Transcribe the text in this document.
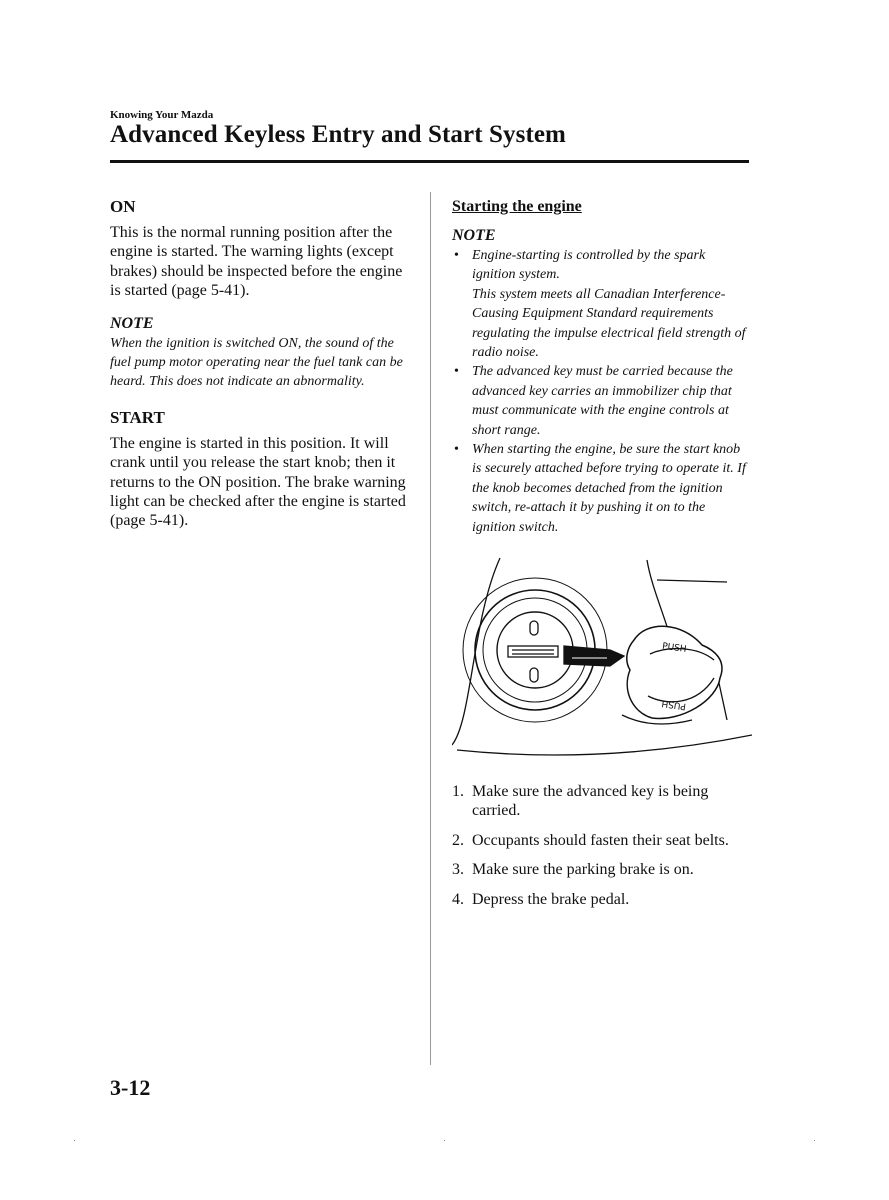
Knowing Your Mazda
Advanced Keyless Entry and Start System
ON

This is the normal running position after the engine is started. The warning lights (except brakes) should be inspected before the engine is started (page 5-41).

NOTE

When the ignition is switched ON, the sound of the fuel pump motor operating near the fuel tank can be heard. This does not indicate an abnormality.

START

The engine is started in this position. It will crank until you release the start knob; then it returns to the ON position. The brake warning light can be checked after the engine is started (page 5-41).

Starting the engine
NOTE
• Engine-starting is controlled by the spark ignition system.
This system meets all Canadian Interference-Causing Equipment Standard requirements regulating the impulse electrical field strength of radio noise.
• The advanced key must be carried because the advanced key carries an immobilizer chip that must communicate with the engine controls at short range.
• When starting the engine, be sure the start knob is securely attached before trying to operate it. If the knob becomes detached from the ignition switch, re-attach it by pushing it on to the ignition switch.
PUSH
PUSH
1. Make sure the advanced key is being carried.
2. Occupants should fasten their seat belts.
3. Make sure the parking brake is on.
4. Depress the brake pedal.
3-12
